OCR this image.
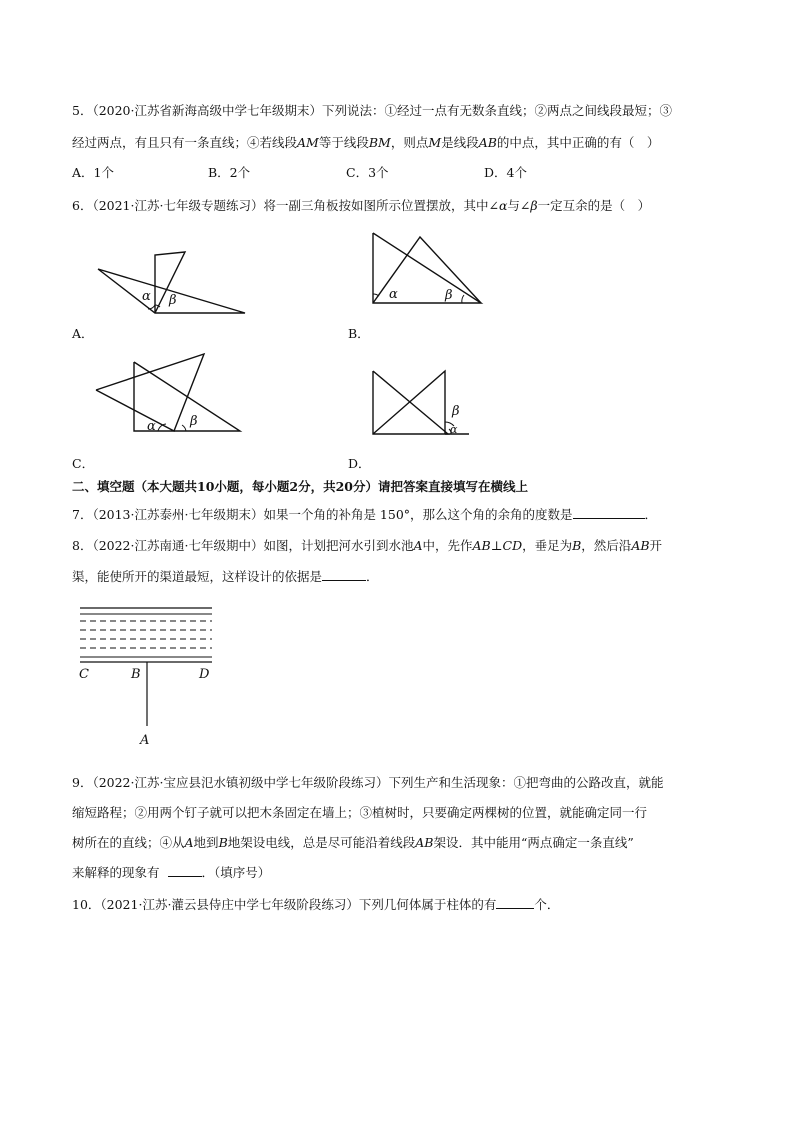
5．（2020·江苏省新海高级中学七年级期末）下列说法：①经过一点有无数条直线；②两点之间线段最短；③
经过两点，有且只有一条直线；④若线段AM等于线段BM，则点M是线段AB的中点，其中正确的有（　）
A．1个	B．2个	C．3个	D．4个
6．（2021·江苏·七年级专题练习）将一副三角板按如图所示位置摆放，其中∠α与∠β一定互余的是（　）
α β
A．
α	β
B．
α	β
C．
β
α
D．
二、填空题（本大题共10小题，每小题2分，共20分）请把答案直接填写在横线上
7．（2013·江苏泰州·七年级期末）如果一个角的补角是 150°，那么这个角的余角的度数是	．
8．（2022·江苏南通·七年级期中）如图，计划把河水引到水池A中，先作AB⊥CD，垂足为B，然后沿AB开
渠，能使所开的渠道最短，这样设计的依据是	．
C	B	D
A
9．（2022·江苏·宝应县氾水镇初级中学七年级阶段练习）下列生产和生活现象：①把弯曲的公路改直，就能
缩短路程；②用两个钉子就可以把木条固定在墙上；③植树时，只要确定两棵树的位置，就能确定同一行
树所在的直线；④从A地到B地架设电线，总是尽可能沿着线段AB架设．其中能用“两点确定一条直线”
来解释的现象有	．（填序号）
10．（2021·江苏·灌云县侍庄中学七年级阶段练习）下列几何体属于柱体的有	个．
